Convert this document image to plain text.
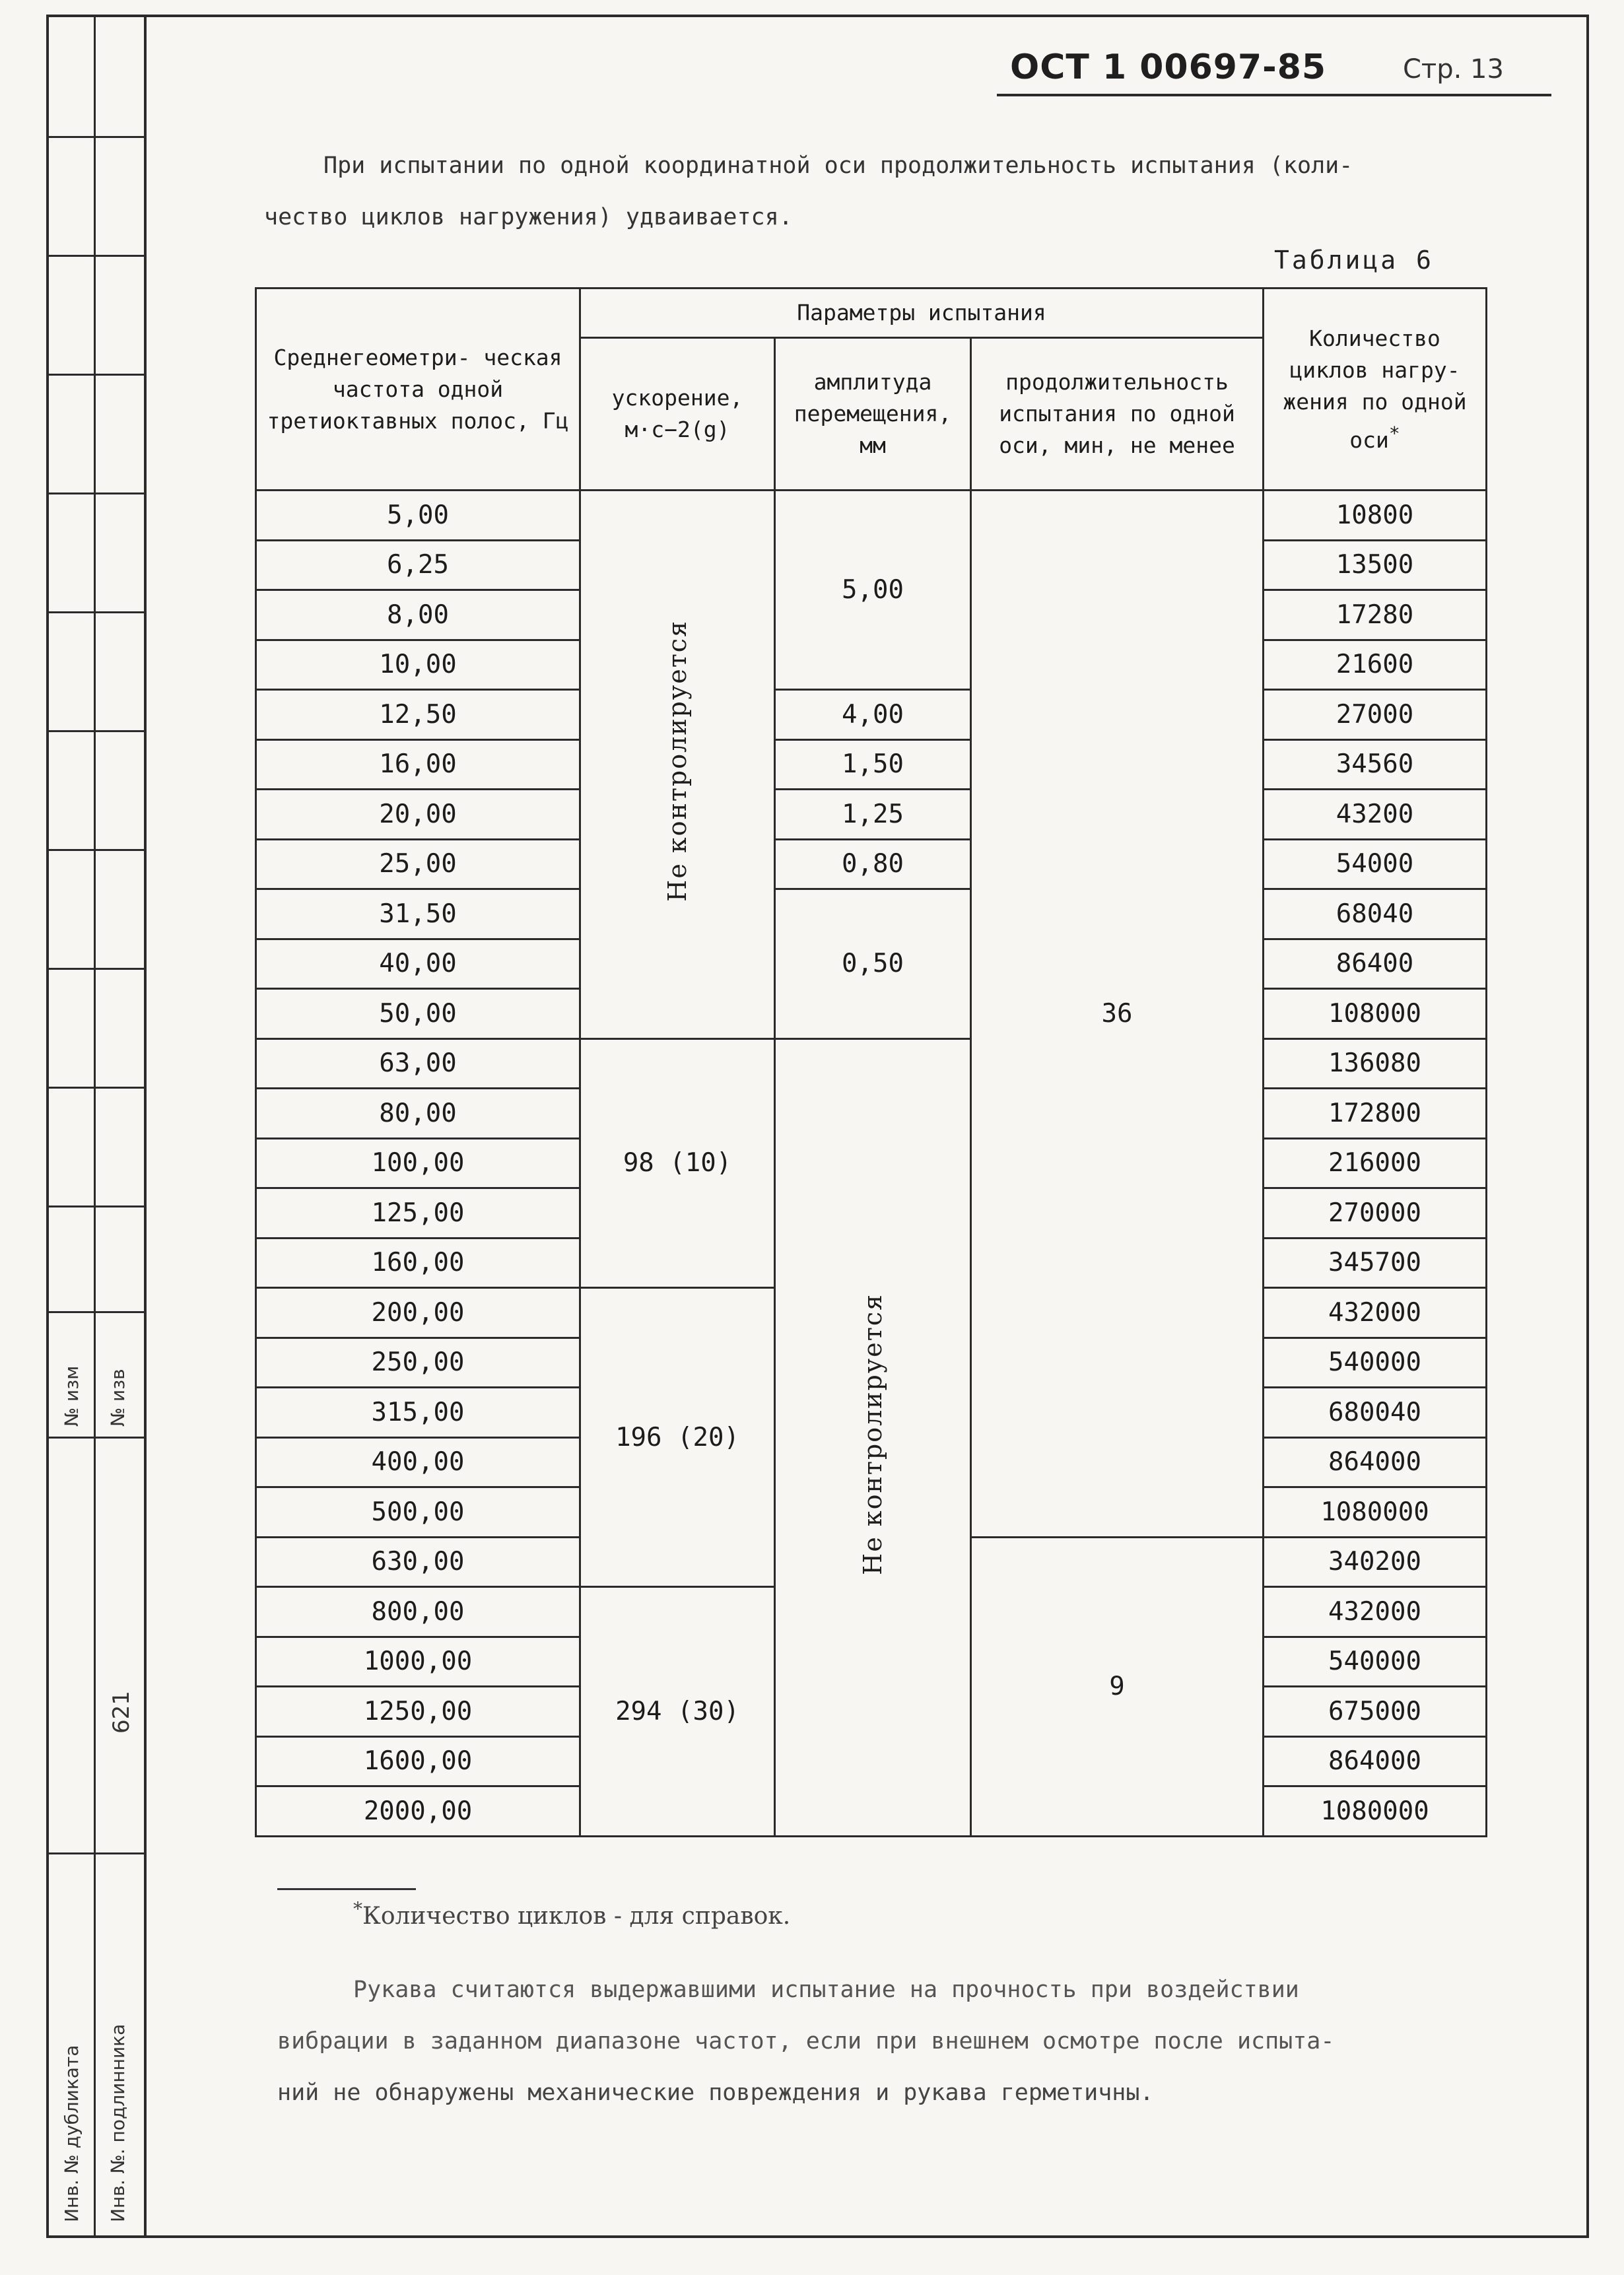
№ изм № изв
621
Инв. № дубликата Инв. №. подлинника
ОСТ 1 00697-85	Стр. 13
При испытании по одной координатной оси продолжительность испытания (коли-
чество циклов нагружения) удваивается.
Таблица 6
Среднегеометри- ческая частота одной третиоктавных полос, Гц	Параметры испытания			Количество циклов нагру- жения по одной оси*
	ускорение, м·с−2(g)	амплитуда перемещения, мм	продолжительность испытания по одной оси, мин, не менее	
5,00	Не контролируется	5,00	36	10800
6,25				13500
8,00				17280
10,00				21600
12,50		4,00		27000
16,00		1,50		34560
20,00		1,25		43200
25,00		0,80		54000
31,50		0,50		68040
40,00				86400
50,00				108000
63,00	98 (10)	Не контролируется		136080
80,00				172800
100,00				216000
125,00				270000
160,00				345700
200,00	196 (20)			432000
250,00				540000
315,00				680040
400,00				864000
500,00				1080000
630,00			9	340200
800,00	294 (30)			432000
1000,00				540000
1250,00				675000
1600,00				864000
2000,00				1080000
*Количество циклов - для справок.
Рукава считаются выдержавшими испытание на прочность при воздействии
вибрации в заданном диапазоне частот, если при внешнем осмотре после испыта-
ний не обнаружены механические повреждения и рукава герметичны.
